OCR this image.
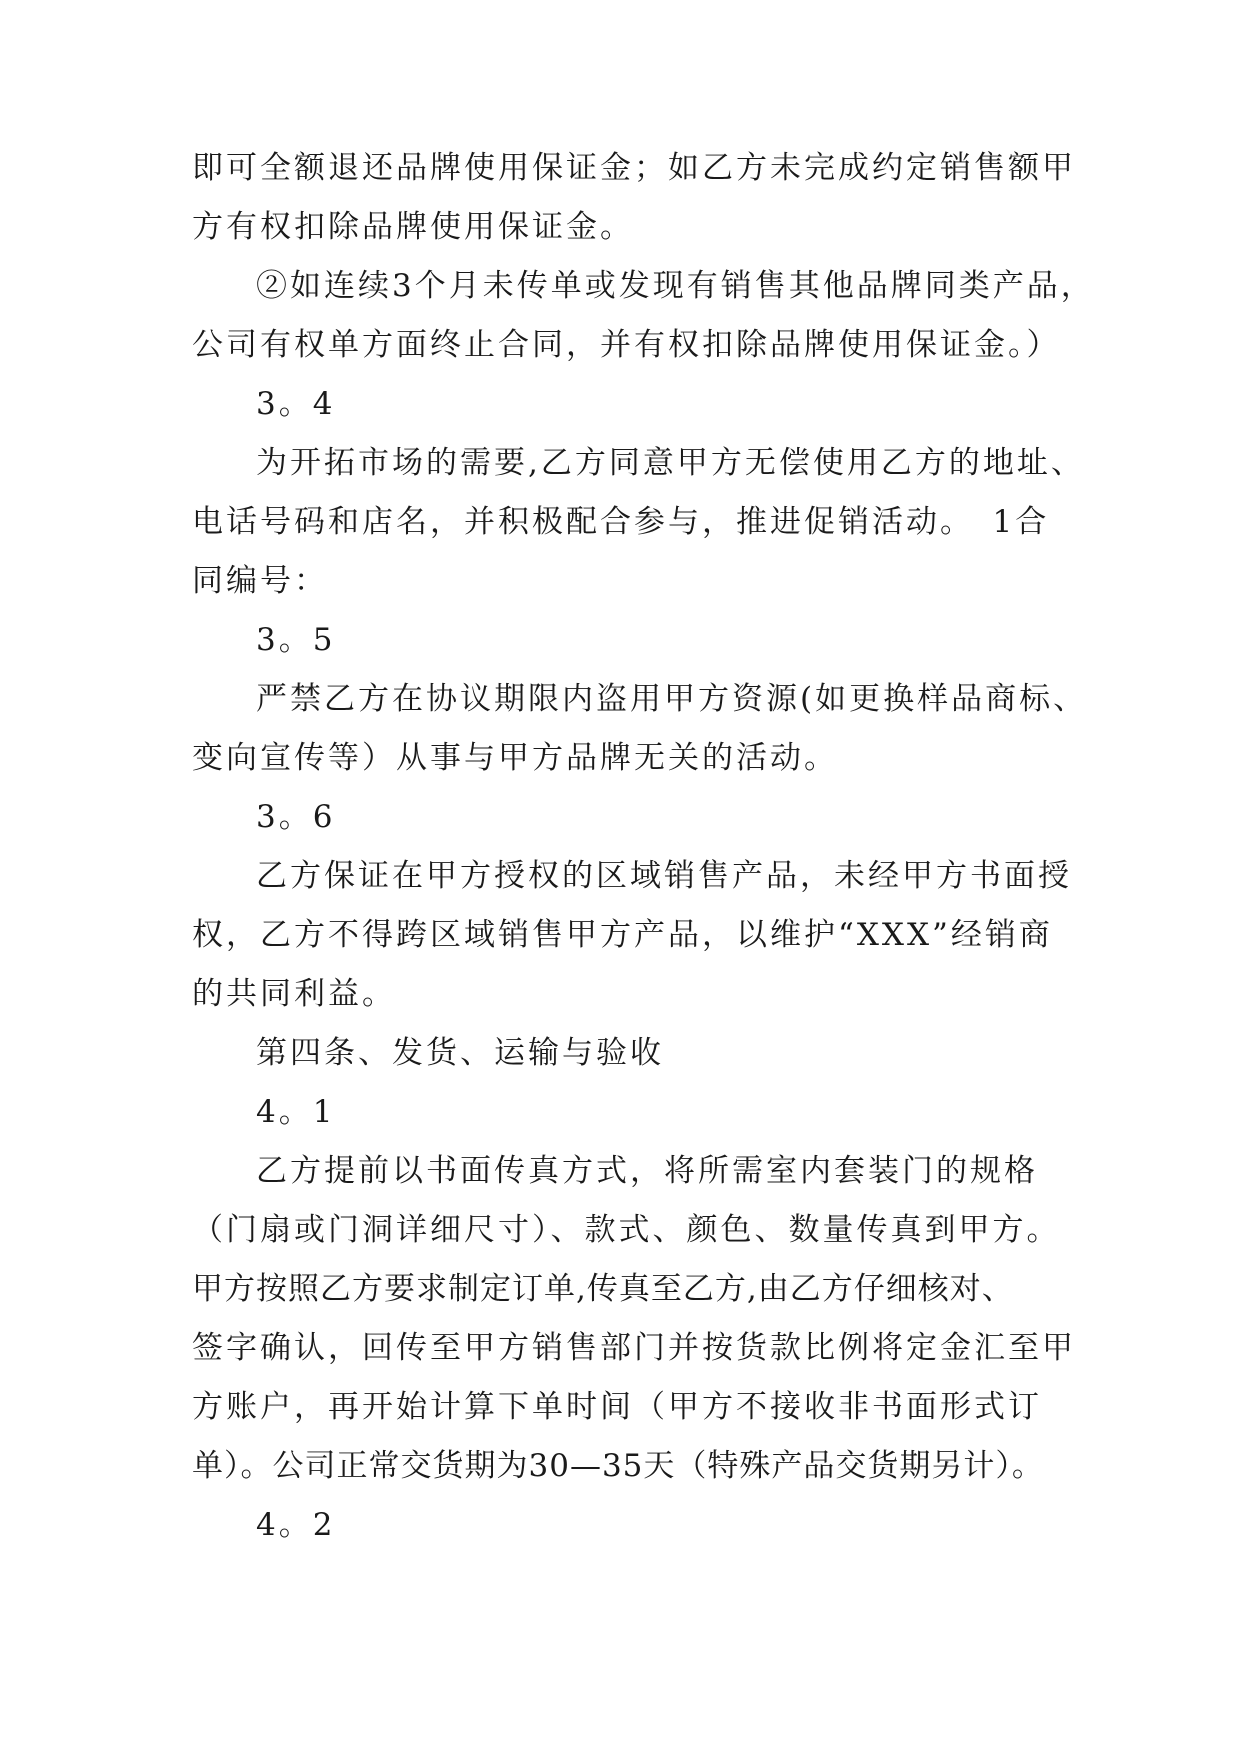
即可全额退还品牌使用保证金；如乙方未完成约定销售额甲
方有权扣除品牌使用保证金。
②如连续3个月未传单或发现有销售其他品牌同类产品，
公司有权单方面终止合同，并有权扣除品牌使用保证金。）
3。4
为开拓市场的需要,乙方同意甲方无偿使用乙方的地址、
电话号码和店名，并积极配合参与，推进促销活动。　1合
同编号：
3。5
严禁乙方在协议期限内盗用甲方资源(如更换样品商标、
变向宣传等）从事与甲方品牌无关的活动。
3。6
乙方保证在甲方授权的区域销售产品，未经甲方书面授
权，乙方不得跨区域销售甲方产品，以维护“XXX”经销商
的共同利益。
第四条、发货、运输与验收
4。1
乙方提前以书面传真方式，将所需室内套装门的规格
（门扇或门洞详细尺寸）、款式、颜色、数量传真到甲方。
甲方按照乙方要求制定订单,传真至乙方,由乙方仔细核对、
签字确认，回传至甲方销售部门并按货款比例将定金汇至甲
方账户，再开始计算下单时间（甲方不接收非书面形式订
单）。公司正常交货期为30—35天（特殊产品交货期另计）。
4。2
